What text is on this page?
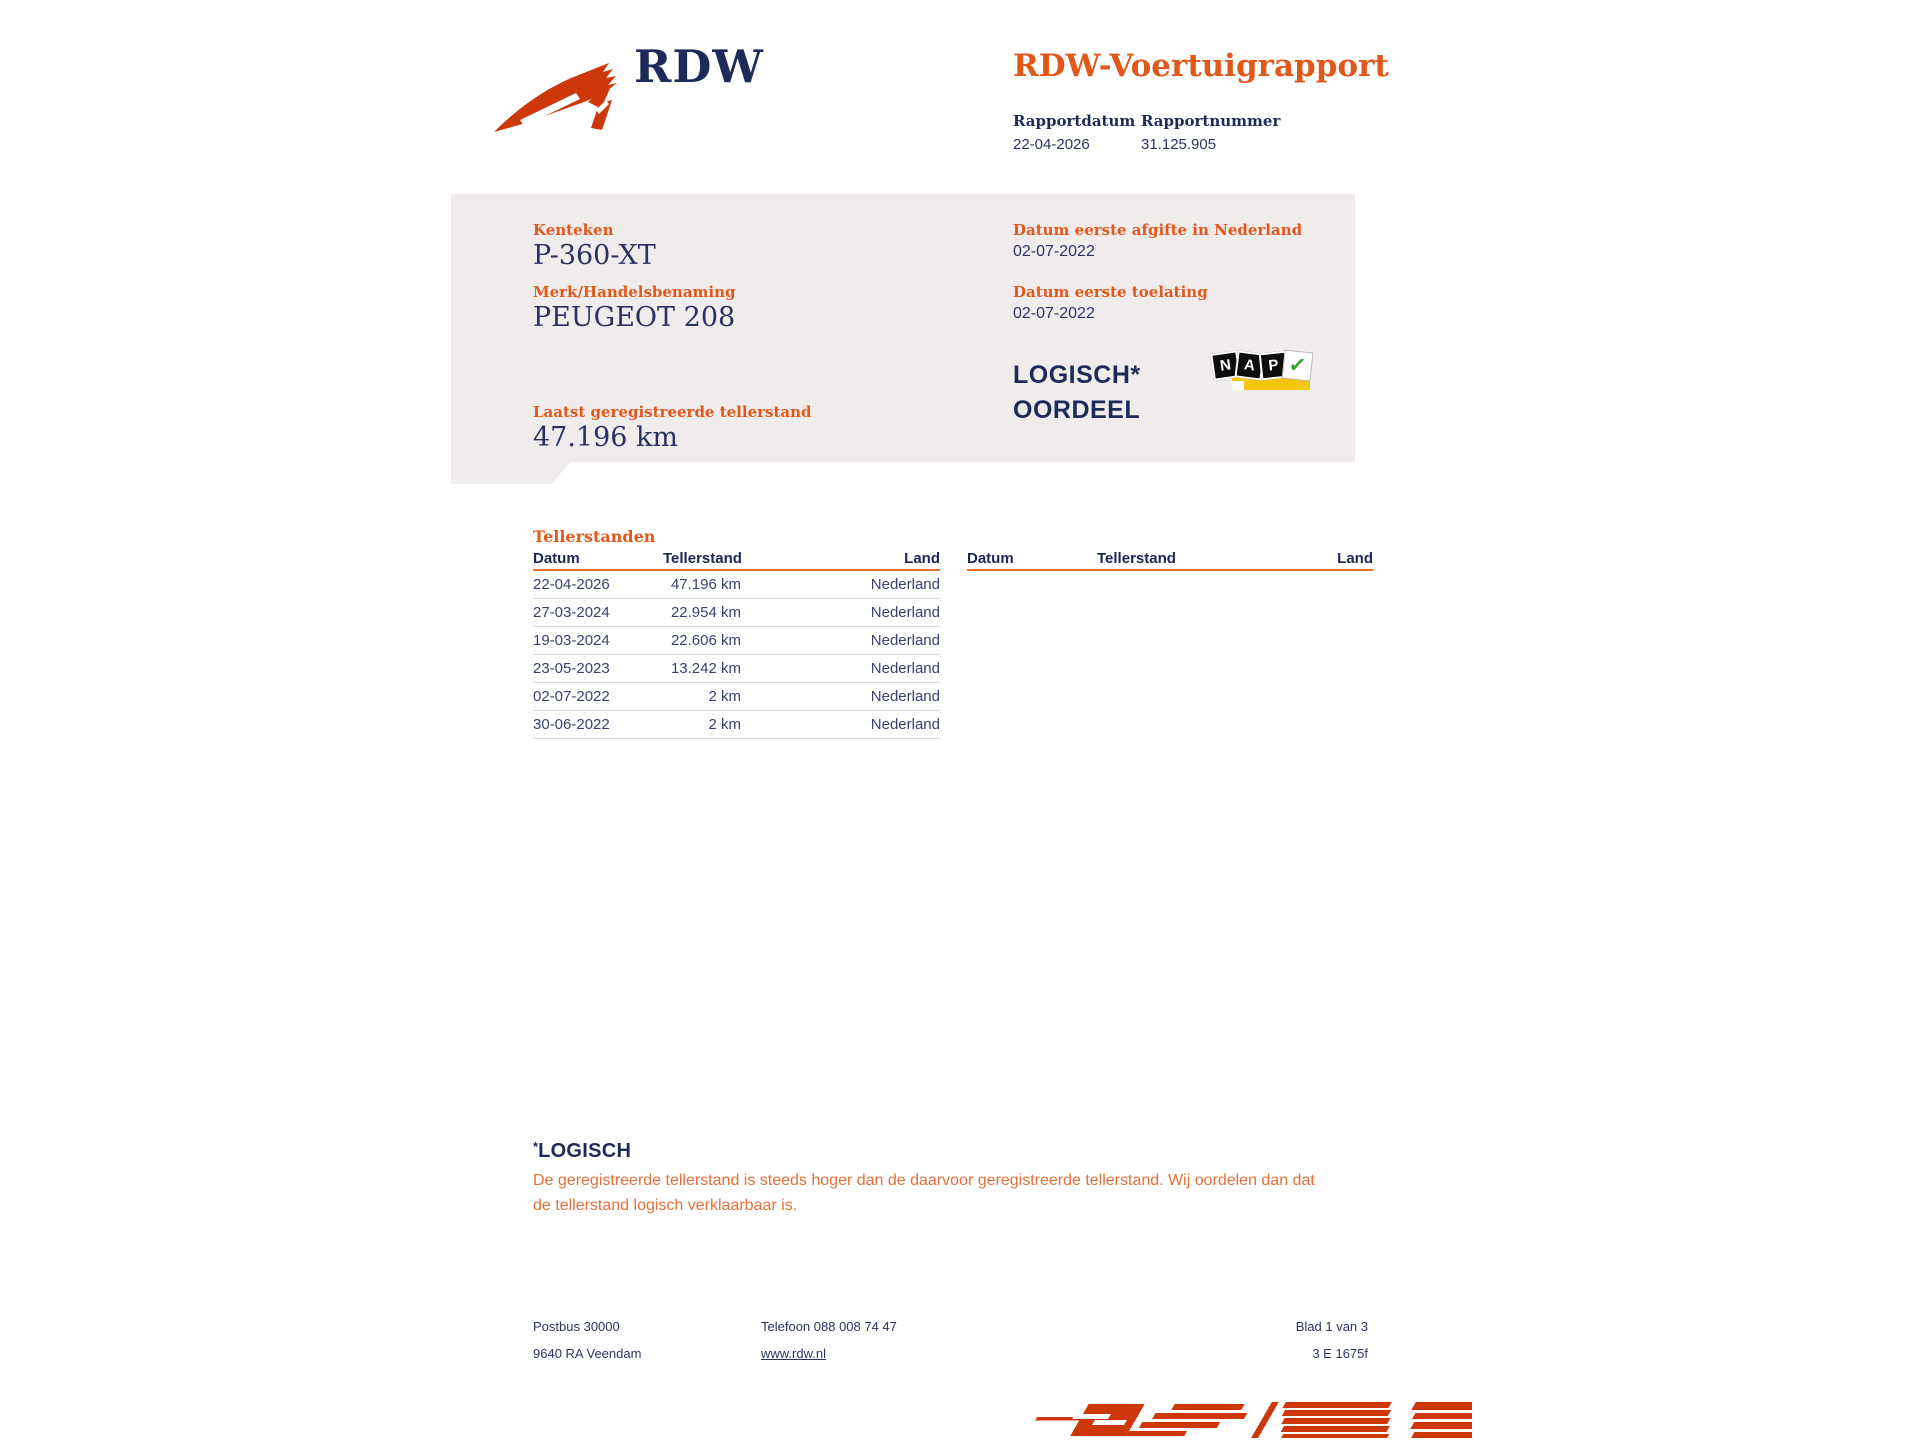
RDW	RDW-Voertuigrapport
Rapportdatum
22-04-2026
Rapportnummer
31.125.905
Kenteken
P-360-XT
Merk/Handelsbenaming
PEUGEOT 208
Laatst geregistreerde tellerstand
47.196 km
Datum eerste afgifte in Nederland
02-07-2022
Datum eerste toelating
02-07-2022
LOGISCH*
OORDEEL
N A P ✓
Tellerstanden
Datum	Tellerstand	Land
22-04-2026	47.196 km	Nederland
27-03-2024	22.954 km	Nederland
19-03-2024	22.606 km	Nederland
23-05-2023	13.242 km	Nederland
02-07-2022	2 km	Nederland
30-06-2022	2 km	Nederland
Datum	Tellerstand	Land
*LOGISCH
De geregistreerde tellerstand is steeds hoger dan de daarvoor geregistreerde tellerstand. Wij oordelen dan dat de tellerstand logisch verklaarbaar is.
Postbus 30000
9640 RA Veendam
Telefoon 088 008 74 47
www.rdw.nl
Blad 1 van 3
3 E 1675f
